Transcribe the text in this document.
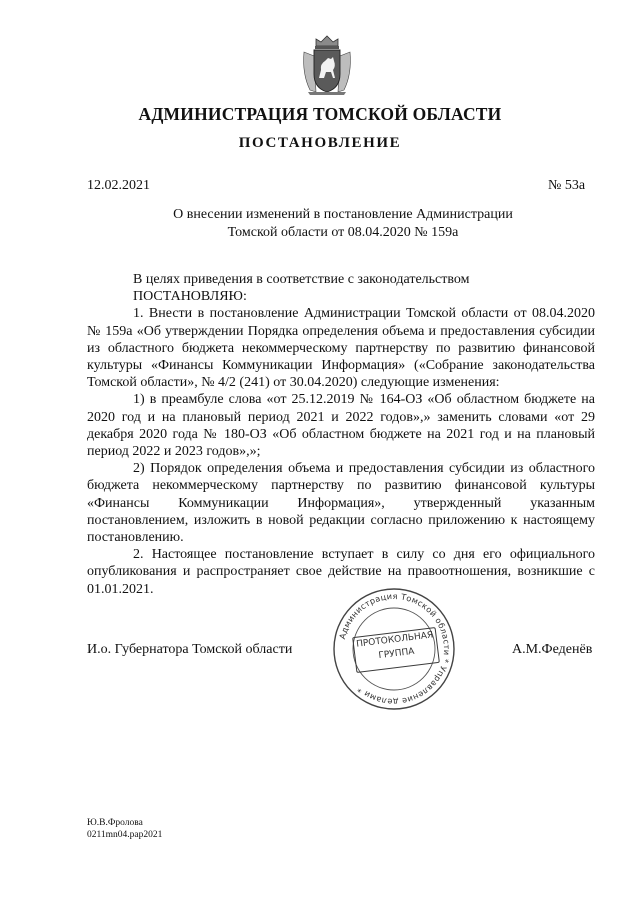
АДМИНИСТРАЦИЯ ТОМСКОЙ ОБЛАСТИ
ПОСТАНОВЛЕНИЕ
12.02.2021	№ 53а
О внесении изменений в постановление Администрации
Томской области от 08.04.2020 № 159а

В целях приведения в соответствие с законодательством

ПОСТАНОВЛЯЮ:

1. Внести в постановление Администрации Томской области от 08.04.2020 № 159а «Об утверждении Порядка определения объема и предоставления субсидии из областного бюджета некоммерческому партнерству по развитию финансовой культуры «Финансы Коммуникации Информация» («Собрание законодательства Томской области», № 4/2 (241) от 30.04.2020) следующие изменения:

1) в преамбуле слова «от 25.12.2019 № 164-ОЗ «Об областном бюджете на 2020 год и на плановый период 2021 и 2022 годов»,» заменить словами «от 29 декабря 2020 года № 180-ОЗ «Об областном бюджете на 2021 год и на плановый период 2022 и 2023 годов»,»;

2) Порядок определения объема и предоставления субсидии из областного бюджета некоммерческому партнерству по развитию финансовой культуры «Финансы Коммуникации Информация», утвержденный указанным постановлением, изложить в новой редакции согласно приложению к настоящему постановлению.

2. Настоящее постановление вступает в силу со дня его официального опубликования и распространяет свое действие на правоотношения, возникшие с 01.01.2021.

Администрация Томской области * Управление делами *
ПРОТОКОЛЬНАЯ
ГРУППА
И.о. Губернатора Томской области	А.М.Феденёв
Ю.В.Фролова
0211mn04.pap2021
